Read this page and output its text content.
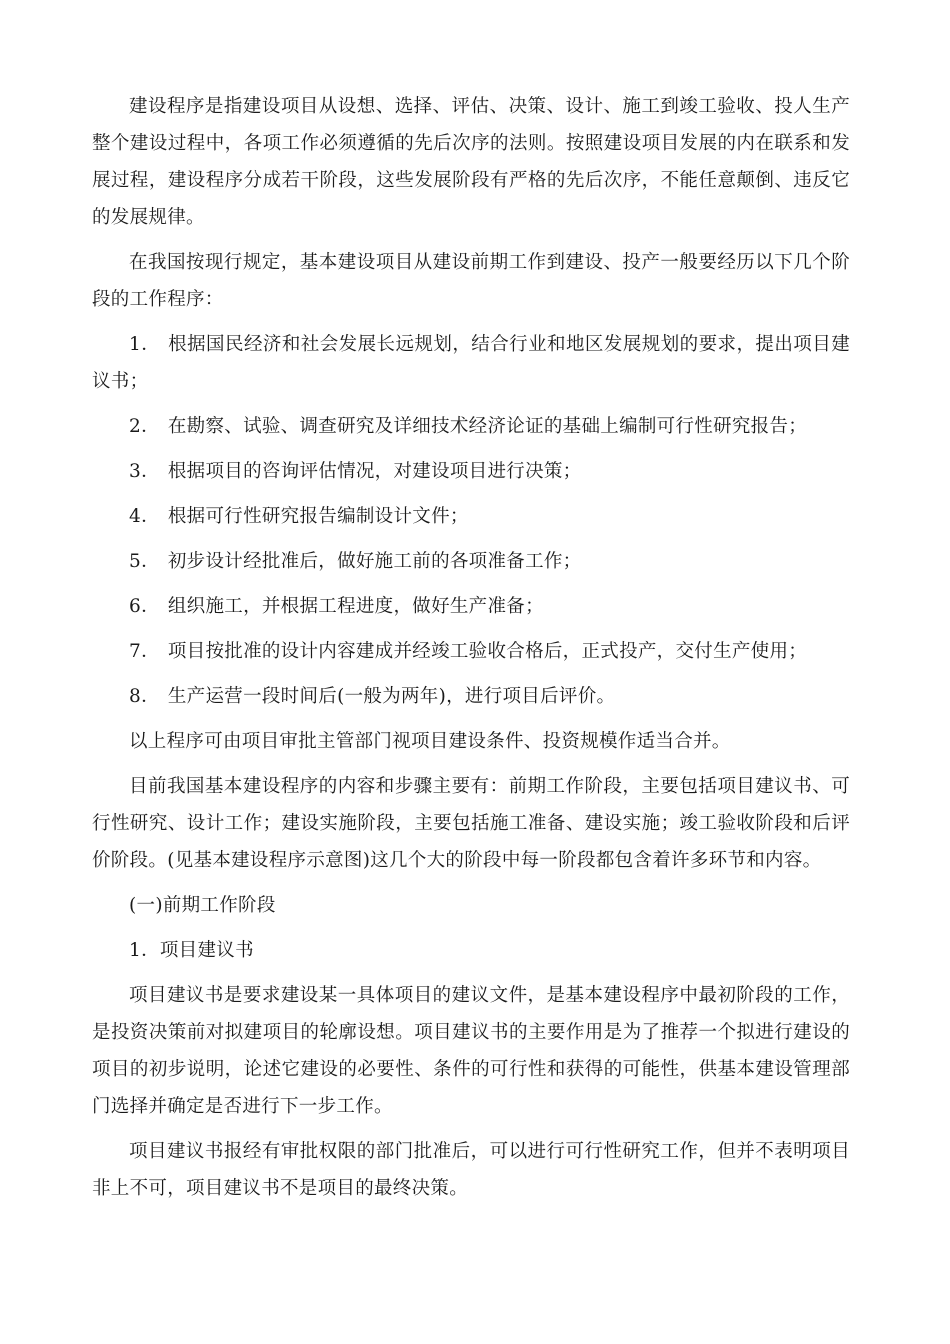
建设程序是指建设项目从设想、选择、评估、决策、设计、施工到竣工验收、投人生产整个建设过程中，各项工作必须遵循的先后次序的法则。按照建设项目发展的内在联系和发展过程，建设程序分成若干阶段，这些发展阶段有严格的先后次序，不能任意颠倒、违反它的发展规律。

在我国按现行规定，基本建设项目从建设前期工作到建设、投产一般要经历以下几个阶段的工作程序：

1． 根据国民经济和社会发展长远规划，结合行业和地区发展规划的要求，提出项目建议书；

2． 在勘察、试验、调查研究及详细技术经济论证的基础上编制可行性研究报告；

3． 根据项目的咨询评估情况，对建设项目进行决策；

4． 根据可行性研究报告编制设计文件；

5． 初步设计经批准后，做好施工前的各项准备工作；

6． 组织施工，并根据工程进度，做好生产准备；

7． 项目按批准的设计内容建成并经竣工验收合格后，正式投产，交付生产使用；

8． 生产运营一段时间后(一般为两年)，进行项目后评价。

以上程序可由项目审批主管部门视项目建设条件、投资规模作适当合并。

目前我国基本建设程序的内容和步骤主要有：前期工作阶段，主要包括项目建议书、可行性研究、设计工作；建设实施阶段，主要包括施工准备、建设实施；竣工验收阶段和后评价阶段。(见基本建设程序示意图)这几个大的阶段中每一阶段都包含着许多环节和内容。

(一)前期工作阶段

1．项目建议书

项目建议书是要求建设某一具体项目的建议文件，是基本建设程序中最初阶段的工作，是投资决策前对拟建项目的轮廓设想。项目建议书的主要作用是为了推荐一个拟进行建设的项目的初步说明，论述它建设的必要性、条件的可行性和获得的可能性，供基本建设管理部门选择并确定是否进行下一步工作。

项目建议书报经有审批权限的部门批准后，可以进行可行性研究工作，但并不表明项目非上不可，项目建议书不是项目的最终决策。
